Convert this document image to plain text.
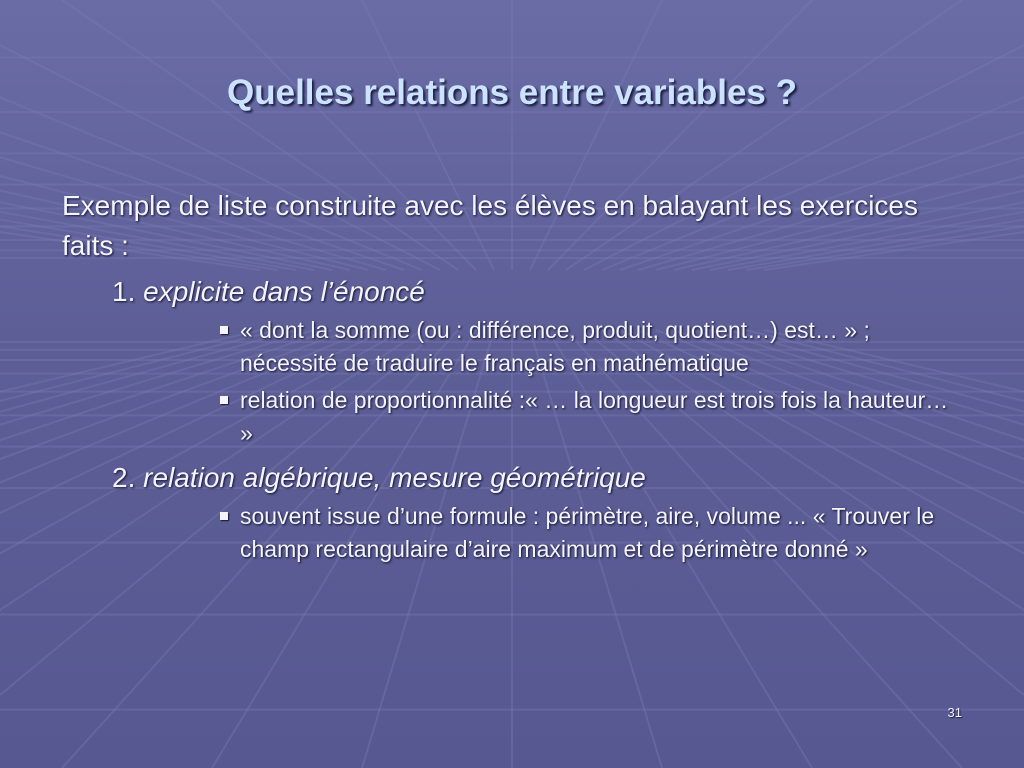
Quelles relations entre variables ?
Exemple de liste construite avec les élèves en balayant les exercices faits :
1. explicite dans l’énoncé
« dont la somme (ou : différence, produit, quotient…) est… » ; nécessité de traduire le français en mathématique
relation de proportionnalité :« … la longueur est trois fois la hauteur… »
2. relation algébrique, mesure géométrique
souvent issue d’une formule : périmètre, aire, volume ... « Trouver le champ rectangulaire d’aire maximum et de périmètre donné »
31
